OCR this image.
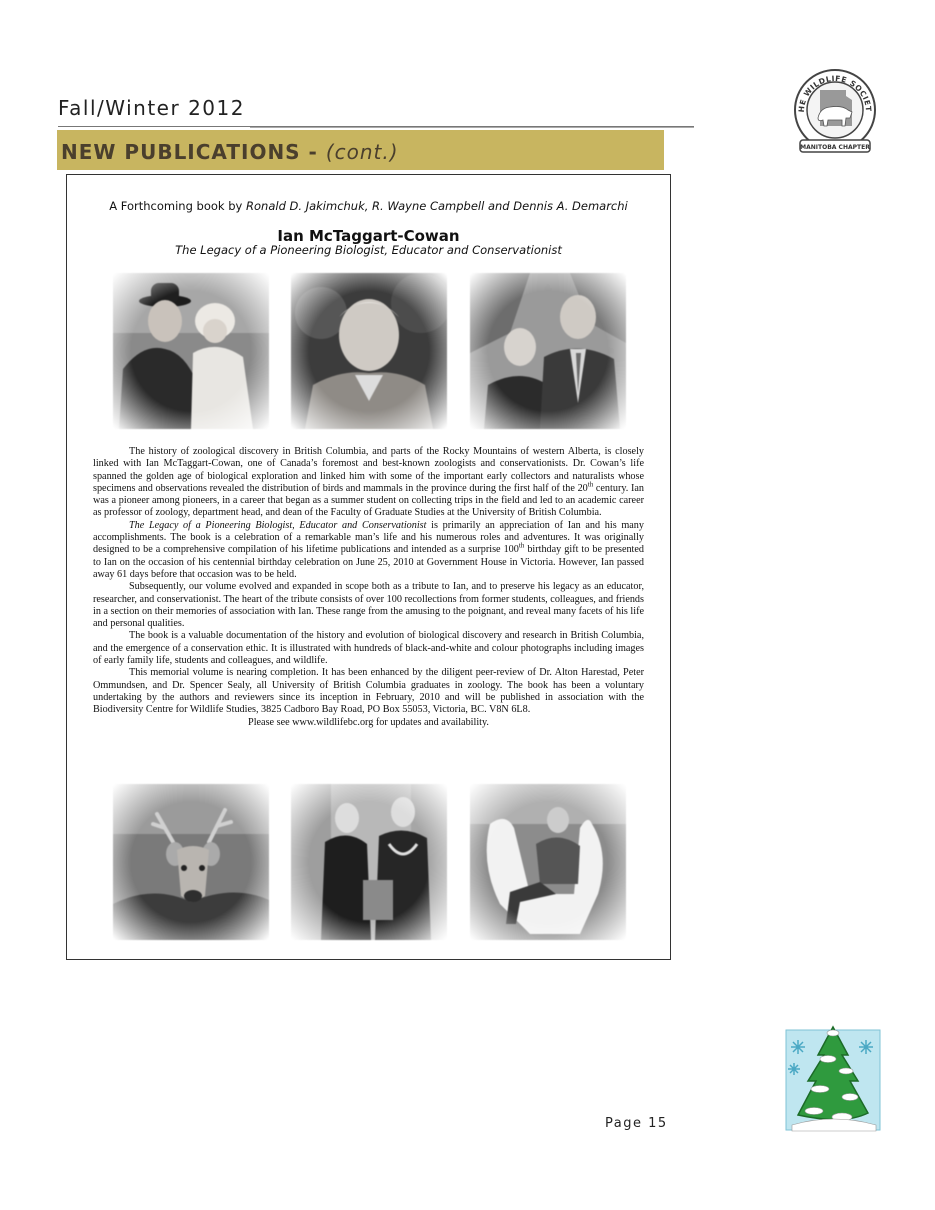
Fall/Winter 2012
NEW PUBLICATIONS - (cont.)
HE WILDLIFE SOCIET
MANITOBA CHAPTER
A Forthcoming book by Ronald D. Jakimchuk, R. Wayne Campbell and Dennis A. Demarchi
Ian McTaggart-Cowan
The Legacy of a Pioneering Biologist, Educator and Conservationist

The history of zoological discovery in British Columbia, and parts of the Rocky Mountains of western Alberta, is closely linked with Ian McTaggart-Cowan, one of Canada’s foremost and best-known zoologists and conservationists. Dr. Cowan’s life spanned the golden age of biological exploration and linked him with some of the important early collectors and naturalists whose specimens and observations revealed the distribution of birds and mammals in the province during the first half of the 20th century. Ian was a pioneer among pioneers, in a career that began as a summer student on collecting trips in the field and led to an academic career as professor of zoology, department head, and dean of the Faculty of Graduate Studies at the University of British Columbia.

The Legacy of a Pioneering Biologist, Educator and Conservationist is primarily an appreciation of Ian and his many accomplishments. The book is a celebration of a remarkable man’s life and his numerous roles and adventures. It was originally designed to be a comprehensive compilation of his lifetime publications and intended as a surprise 100th birthday gift to be presented to Ian on the occasion of his centennial birthday celebration on June 25, 2010 at Government House in Victoria. However, Ian passed away 61 days before that occasion was to be held.

Subsequently, our volume evolved and expanded in scope both as a tribute to Ian, and to preserve his legacy as an educator, researcher, and conservationist. The heart of the tribute consists of over 100 recollections from former students, colleagues, and friends in a section on their memories of association with Ian. These range from the amusing to the poignant, and reveal many facets of his life and personal qualities.

The book is a valuable documentation of the history and evolution of biological discovery and research in British Columbia, and the emergence of a conservation ethic. It is illustrated with hundreds of black-and-white and colour photographs including images of early family life, students and colleagues, and wildlife.

This memorial volume is nearing completion. It has been enhanced by the diligent peer-review of Dr. Alton Harestad, Peter Ommundsen, and Dr. Spencer Sealy, all University of British Columbia graduates in zoology. The book has been a voluntary undertaking by the authors and reviewers since its inception in February, 2010 and will be published in association with the Biodiversity Centre for Wildlife Studies, 3825 Cadboro Bay Road, PO Box 55053, Victoria, BC. V8N 6L8.

Please see www.wildlifebc.org for updates and availability.

Page 15
